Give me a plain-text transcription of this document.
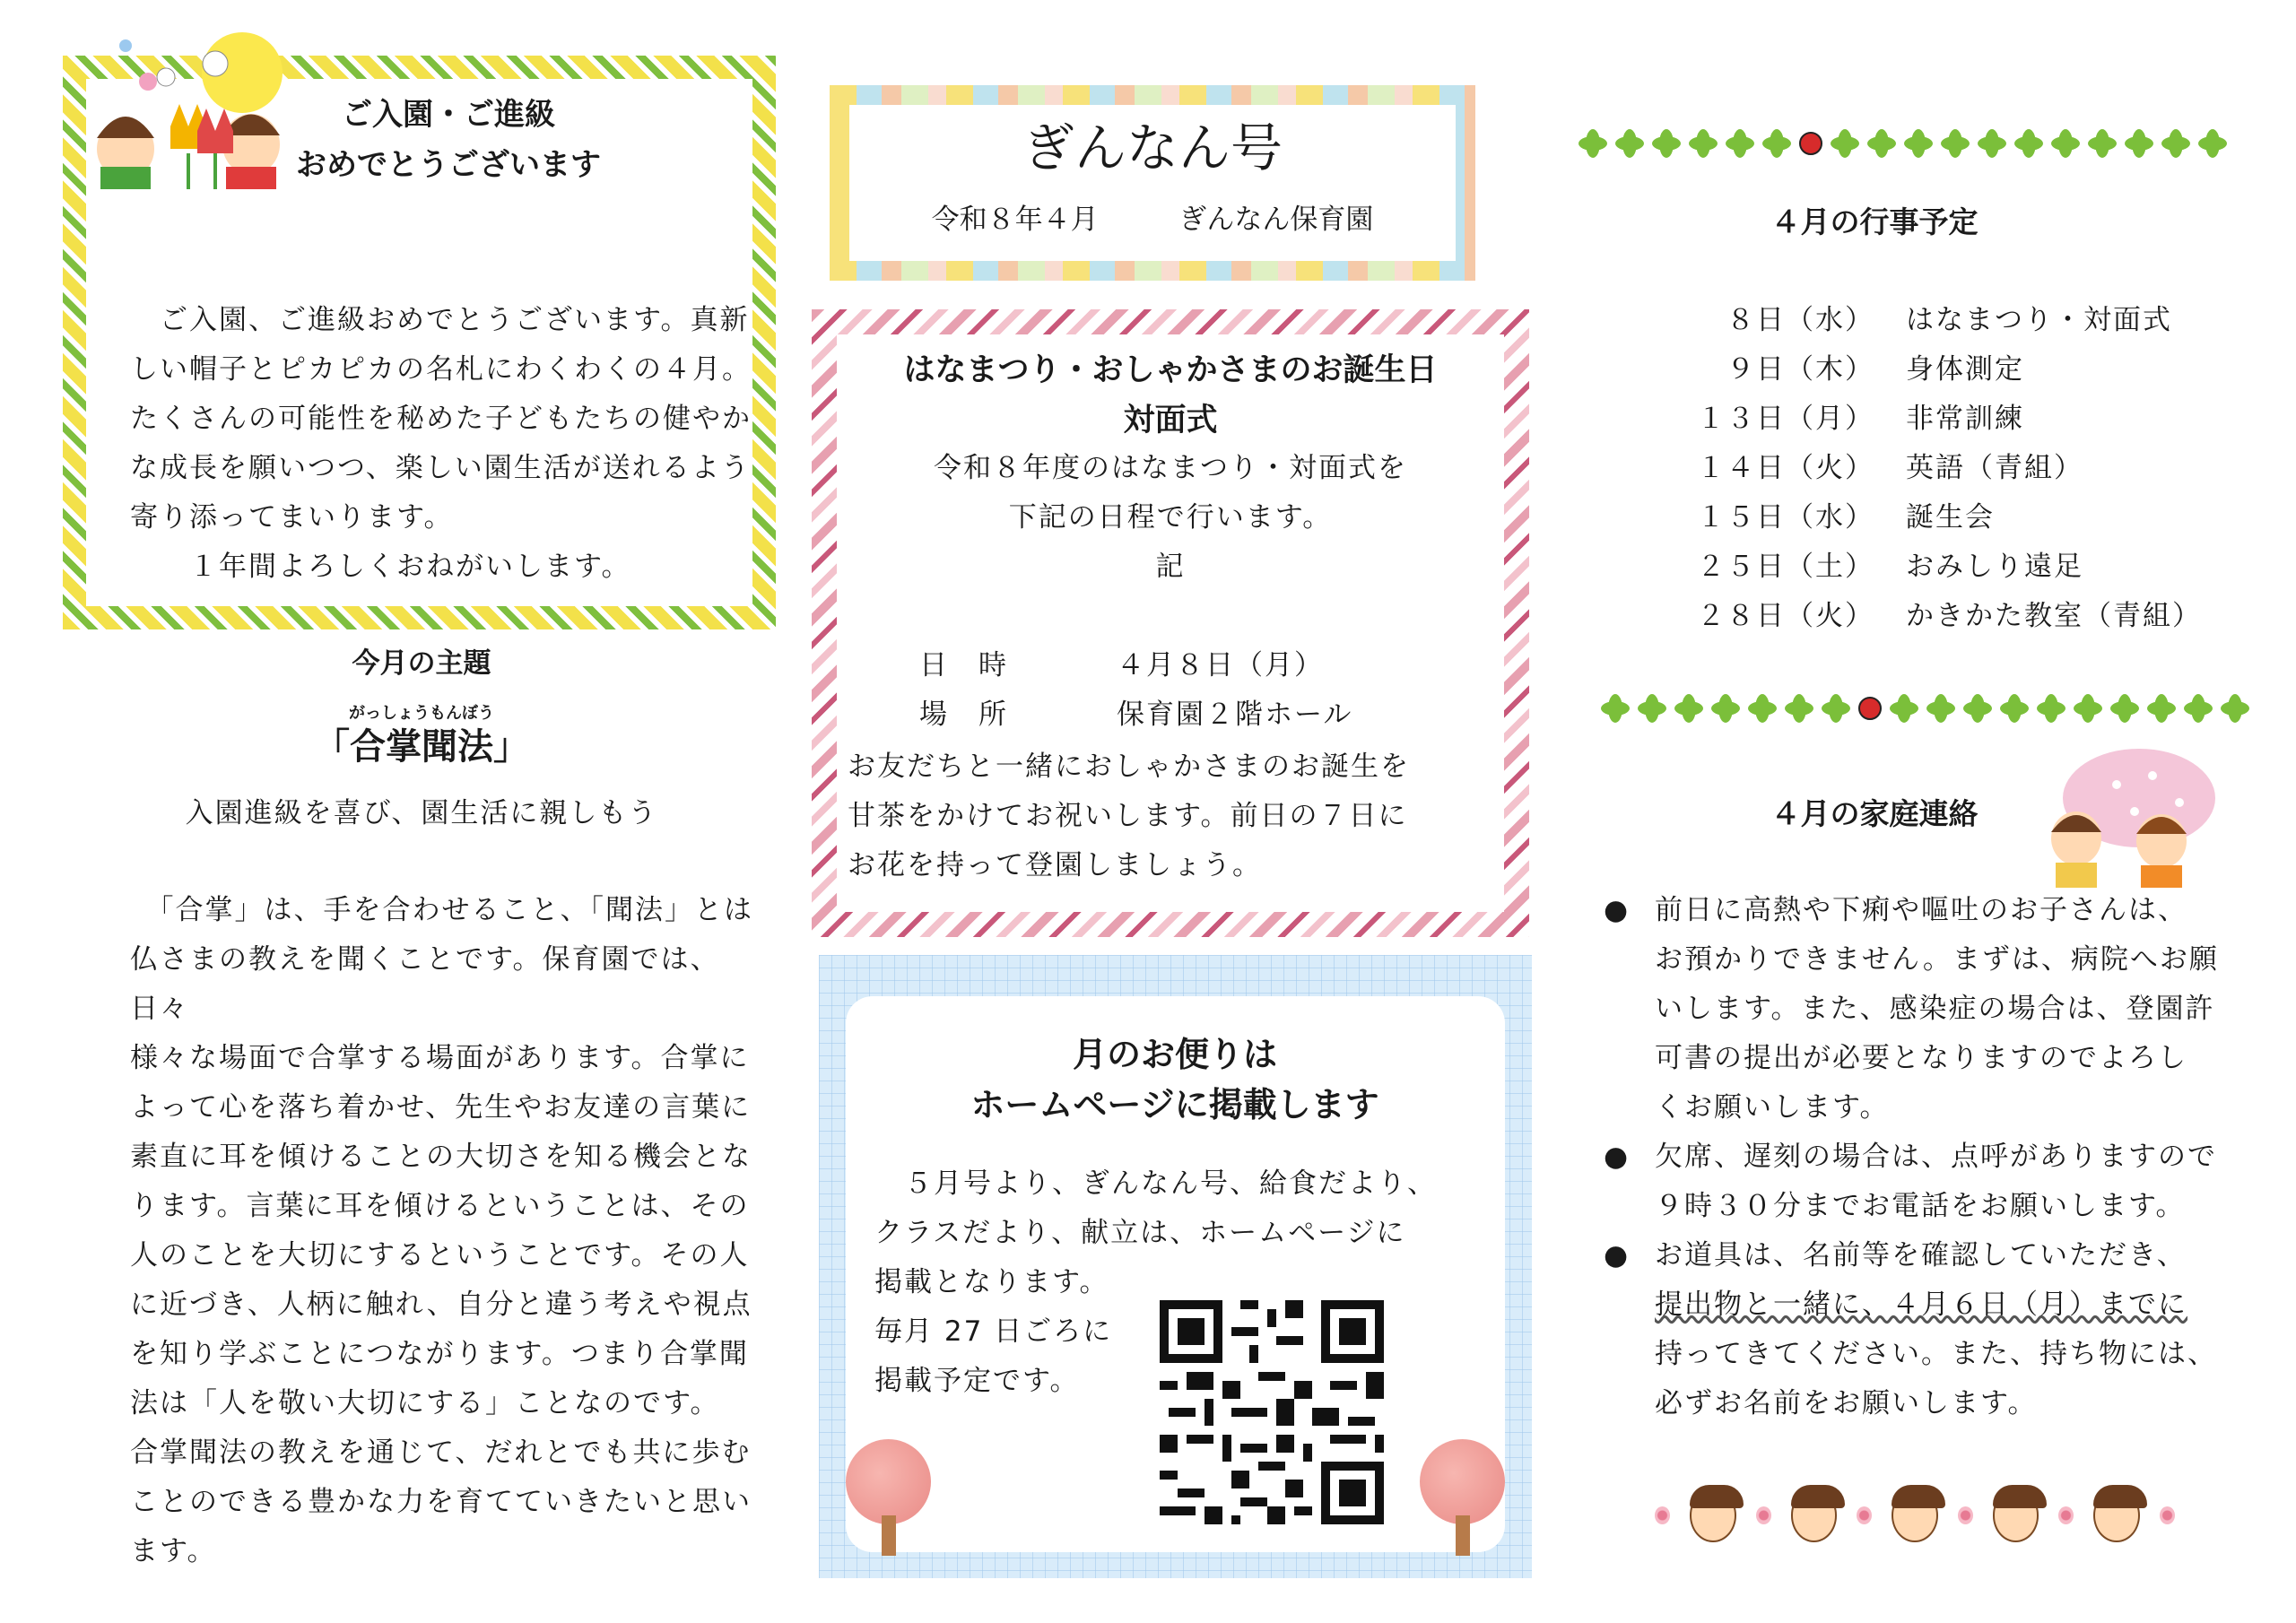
ご入園・ご進級
おめでとうございます
　ご入園、ご進級おめでとうございます。真新
しい帽子とピカピカの名札にわくわくの４月。
たくさんの可能性を秘めた子どもたちの健やか
な成長を願いつつ、楽しい園生活が送れるよう
寄り添ってまいります。
　　１年間よろしくおねがいします。
今月の主題
がっしょうもんぼう
「合掌聞法」
入園進級を喜び、園生活に親しもう
　「合掌」は、手を合わせること、「聞法」とは
仏さまの教えを聞くことです。保育園では、日々
様々な場面で合掌する場面があります。合掌に
よって心を落ち着かせ、先生やお友達の言葉に
素直に耳を傾けることの大切さを知る機会とな
ります。言葉に耳を傾けるということは、その
人のことを大切にするということです。その人
に近づき、人柄に触れ、自分と違う考えや視点
を知り学ぶことにつながります。つまり合掌聞
法は「人を敬い大切にする」ことなのです。
合掌聞法の教えを通じて、だれとでも共に歩む
ことのできる豊かな力を育てていきたいと思い
ます。
ぎんなん号
令和８年４月	ぎんなん保育園
はなまつり・おしゃかさまのお誕生日
対面式
令和８年度のはなまつり・対面式を
下記の日程で行います。
記
日　時	４月８日（月）
場　所	保育園２階ホール
お友だちと一緒におしゃかさまのお誕生を
甘茶をかけてお祝いします。前日の７日に
お花を持って登園しましょう。
月のお便りは
ホームページに掲載します
　５月号より、ぎんなん号、給食だより、
クラスだより、献立は、ホームページに
掲載となります。
毎月 27 日ごろに
掲載予定です。
４月の行事予定
８日（水）	はなまつり・対面式
９日（木）	身体測定
１３日（月）	非常訓練
１４日（火）	英語（青組）
１５日（水）	誕生会
２５日（土）	おみしり遠足
２８日（火）	かきかた教室（青組）
４月の家庭連絡
● 前日に高熱や下痢や嘔吐のお子さんは、
お預かりできません。まずは、病院へお願
いします。また、感染症の場合は、登園許
可書の提出が必要となりますのでよろし
くお願いします。
● 欠席、遅刻の場合は、点呼がありますので
９時３０分までお電話をお願いします。
● お道具は、名前等を確認していただき、
提出物と一緒に、４月６日（月）までに
持ってきてください。また、持ち物には、
必ずお名前をお願いします。
